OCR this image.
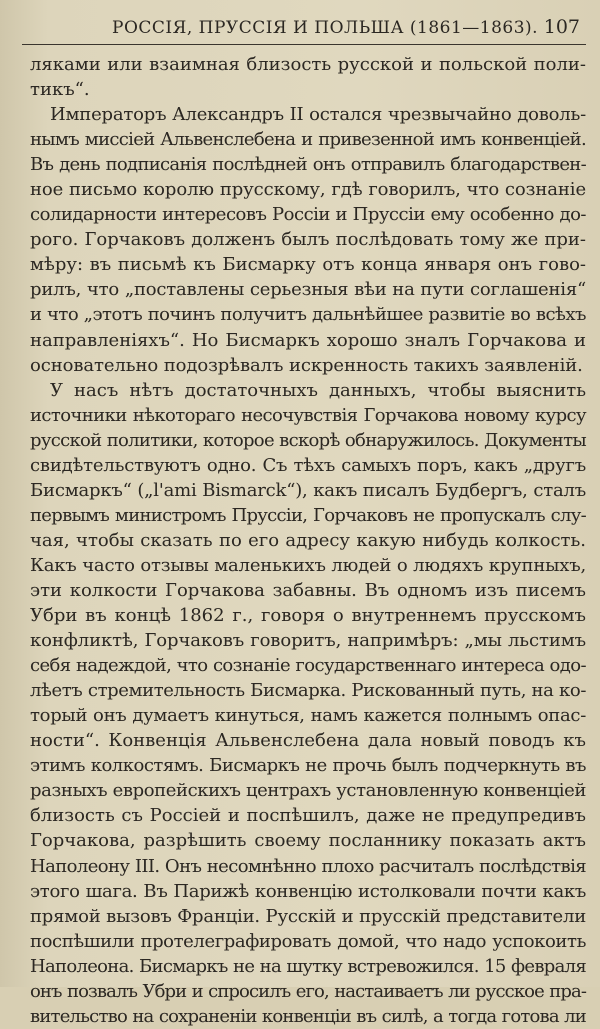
РОССІЯ, ПРУССІЯ И ПОЛЬША (1861—1863). 107
ляками или взаимная близость русской и польской поли-
тикъ“.
Императоръ Александръ II остался чрезвычайно доволь-
нымъ миссіей Альвенслебена и привезенной имъ конвенціей.
Въ день подписанія послѣдней онъ отправилъ благодарствен-
ное письмо королю прусскому, гдѣ говорилъ, что сознаніе
солидарности интересовъ Россіи и Пруссіи ему особенно до-
рого. Горчаковъ долженъ былъ послѣдовать тому же при-
мѣру: въ письмѣ къ Бисмарку отъ конца января онъ гово-
рилъ, что „поставлены серьезныя вѣи на пути соглашенія“
и что „этотъ починъ получитъ дальнѣйшее развитіе во всѣхъ
направленіяхъ“. Но Бисмаркъ хорошо зналъ Горчакова и
основательно подозрѣвалъ искренность такихъ заявленій.
У насъ нѣтъ достаточныхъ данныхъ, чтобы выяснить
источники нѣкотораго несочувствія Горчакова новому курсу
русской политики, которое вскорѣ обнаружилось. Документы
свидѣтельствуютъ одно. Съ тѣхъ самыхъ поръ, какъ „другъ
Бисмаркъ“ („l'ami Bismarck“), какъ писалъ Будбергъ, сталъ
первымъ министромъ Пруссіи, Горчаковъ не пропускалъ слу-
чая, чтобы сказать по его адресу какую нибудь колкость.
Какъ часто отзывы маленькихъ людей о людяхъ крупныхъ,
эти колкости Горчакова забавны. Въ одномъ изъ писемъ
Убри въ концѣ 1862 г., говоря о внутреннемъ прусскомъ
конфликтѣ, Горчаковъ говоритъ, напримѣръ: „мы льстимъ
себя надеждой, что сознаніе государственнаго интереса одо-
лѣетъ стремительность Бисмарка. Рискованный путь, на ко-
торый онъ думаетъ кинуться, намъ кажется полнымъ опас-
ности“. Конвенція Альвенслебена дала новый поводъ къ
этимъ колкостямъ. Бисмаркъ не прочь былъ подчеркнуть въ
разныхъ европейскихъ центрахъ установленную конвенціей
близость съ Россіей и поспѣшилъ, даже не предупредивъ
Горчакова, разрѣшить своему посланнику показать актъ
Наполеону III. Онъ несомнѣнно плохо расчиталъ послѣдствія
этого шага. Въ Парижѣ конвенцію истолковали почти какъ
прямой вызовъ Франціи. Русскій и прусскій представители
поспѣшили протелеграфировать домой, что надо успокоить
Наполеона. Бисмаркъ не на шутку встревожился. 15 февраля
онъ позвалъ Убри и спросилъ его, настаиваетъ ли русское пра-
вительство на сохраненіи конвенціи въ силѣ, а тогда готова ли
